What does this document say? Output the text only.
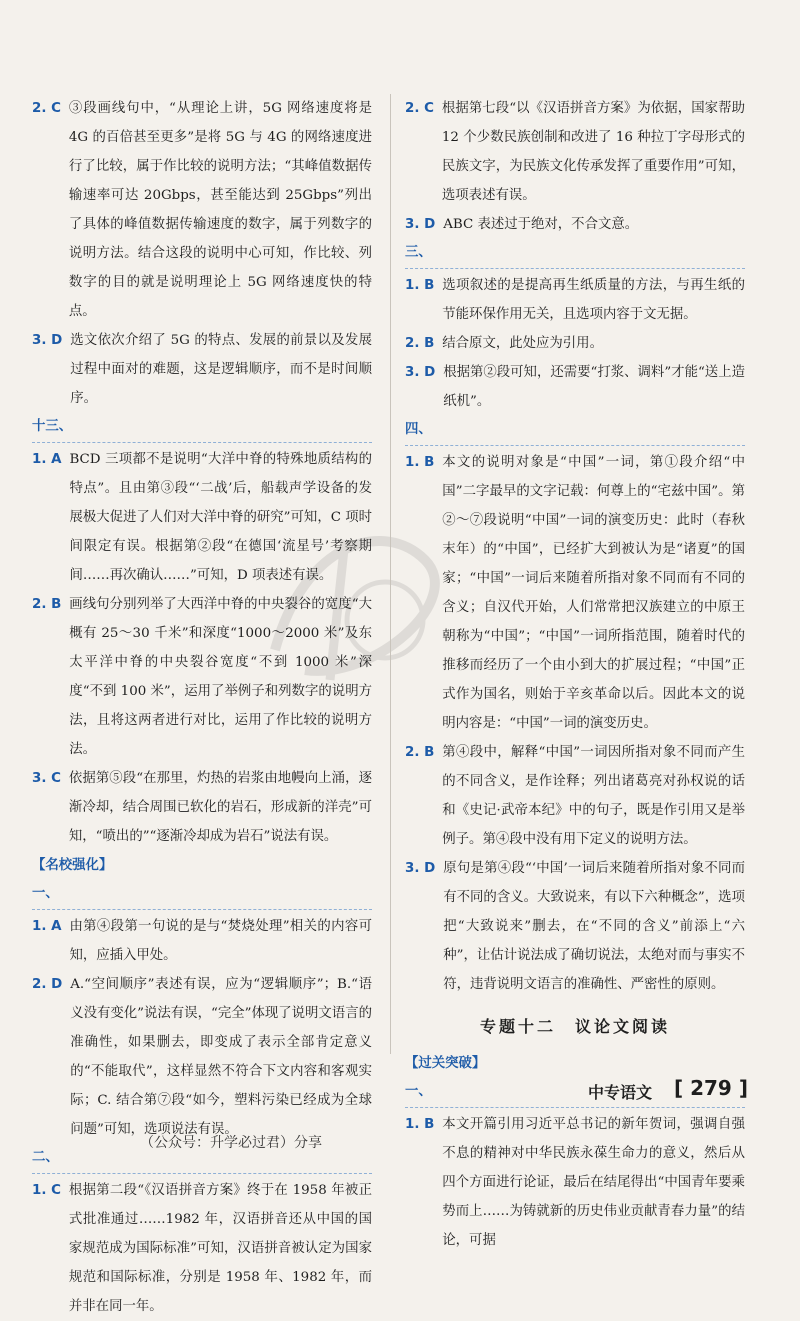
2. C ③段画线句中，“从理论上讲，5G 网络速度将是 4G 的百倍甚至更多”是将 5G 与 4G 的网络速度进行了比较，属于作比较的说明方法；“其峰值数据传输速率可达 20Gbps，甚至能达到 25Gbps”列出了具体的峰值数据传输速度的数字，属于列数字的说明方法。结合这段的说明中心可知，作比较、列数字的目的就是说明理论上 5G 网络速度快的特点。
3. D 选文依次介绍了 5G 的特点、发展的前景以及发展过程中面对的难题，这是逻辑顺序，而不是时间顺序。
十三、
1. A BCD 三项都不是说明“大洋中脊的特殊地质结构的特点”。且由第③段“‘二战’后，船载声学设备的发展极大促进了人们对大洋中脊的研究”可知，C 项时间限定有误。根据第②段“在德国‘流星号’考察期间……再次确认……”可知，D 项表述有误。
2. B 画线句分别列举了大西洋中脊的中央裂谷的宽度“大概有 25～30 千米”和深度“1000～2000 米”及东太平洋中脊的中央裂谷宽度“不到 1000 米”深度“不到 100 米”，运用了举例子和列数字的说明方法，且将这两者进行对比，运用了作比较的说明方法。
3. C 依据第⑤段“在那里，灼热的岩浆由地幔向上涌，逐渐冷却，结合周围已软化的岩石，形成新的洋壳”可知，“喷出的”“逐渐冷却成为岩石”说法有误。
【名校强化】
一、
1. A 由第④段第一句说的是与“焚烧处理”相关的内容可知，应插入甲处。
2. D A.“空间顺序”表述有误，应为“逻辑顺序”；B.“语义没有变化”说法有误，“完全”体现了说明文语言的准确性，如果删去，即变成了表示全部肯定意义的“不能取代”，这样显然不符合下文内容和客观实际；C. 结合第⑦段“如今，塑料污染已经成为全球问题”可知，选项说法有误。
二、
1. C 根据第二段“《汉语拼音方案》终于在 1958 年被正式批准通过……1982 年，汉语拼音还从中国的国家规范成为国际标准”可知，汉语拼音被认定为国家规范和国际标准，分别是 1958 年、1982 年，而并非在同一年。
2. C 根据第七段“以《汉语拼音方案》为依据，国家帮助 12 个少数民族创制和改进了 16 种拉丁字母形式的民族文字，为民族文化传承发挥了重要作用”可知，选项表述有误。
3. D ABC 表述过于绝对，不合文意。
三、
1. B 选项叙述的是提高再生纸质量的方法，与再生纸的节能环保作用无关，且选项内容于文无据。
2. B 结合原文，此处应为引用。
3. D 根据第②段可知，还需要“打浆、调料”才能“送上造纸机”。
四、
1. B 本文的说明对象是“中国”一词，第①段介绍“中国”二字最早的文字记载：何尊上的“宅兹中国”。第②～⑦段说明“中国”一词的演变历史：此时（春秋末年）的“中国”，已经扩大到被认为是“诸夏”的国家；“中国”一词后来随着所指对象不同而有不同的含义；自汉代开始，人们常常把汉族建立的中原王朝称为“中国”；“中国”一词所指范围，随着时代的推移而经历了一个由小到大的扩展过程；“中国”正式作为国名，则始于辛亥革命以后。因此本文的说明内容是：“中国”一词的演变历史。
2. B 第④段中，解释“中国”一词因所指对象不同而产生的不同含义，是作诠释；列出诸葛亮对孙权说的话和《史记·武帝本纪》中的句子，既是作引用又是举例子。第④段中没有用下定义的说明方法。
3. D 原句是第④段“‘中国’一词后来随着所指对象不同而有不同的含义。大致说来，有以下六种概念”，选项把“大致说来”删去，在“不同的含义”前添上“六种”，让估计说法成了确切说法，太绝对而与事实不符，违背说明文语言的准确性、严密性的原则。
专题十二　议论文阅读
【过关突破】
一、
1. B 本文开篇引用习近平总书记的新年贺词，强调自强不息的精神对中华民族永葆生命力的意义，然后从四个方面进行论证，最后在结尾得出“中国青年要乘势而上……为铸就新的历史伟业贡献青春力量”的结论，可据
中专语文 [ 279 ]
（公众号：升学必过君）分享
